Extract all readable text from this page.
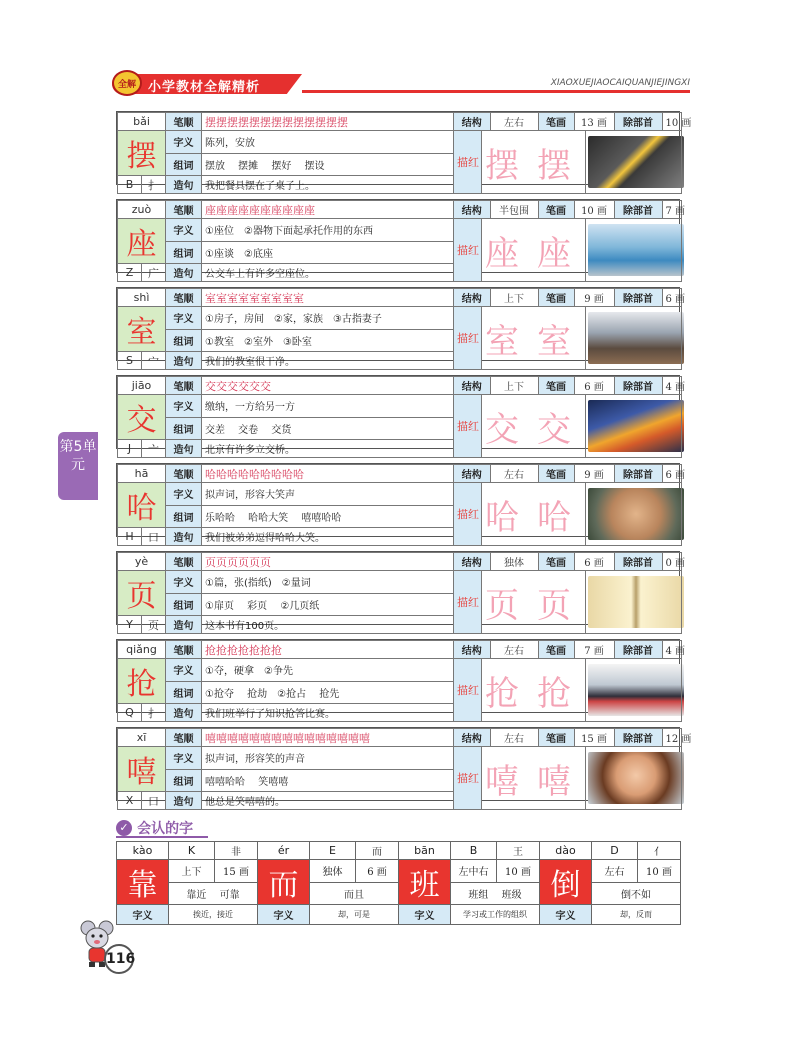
全解 小学教材全解精析	XIAOXUEJIAOCAIQUANJIEJINGXI
第5单元
bǎi	笔顺	摆摆摆摆摆摆摆摆摆摆摆摆摆		结构	左右	笔画	13 画	除部首	10 画

摆	字义	陈列，安放	描红	摆摆	

组词	摆放　 摆摊　 摆好　 摆设
B	扌	造句	我把餐具摆在了桌子上。
zuò	笔顺	座座座座座座座座座座		结构	半包围	笔画	10 画	除部首	7 画

座	字义	①座位　②器物下面起承托作用的东西	描红	座座	

组词	①座谈　②底座
Z	广	造句	公交车上有许多空座位。
shì	笔顺	室室室室室室室室室		结构	上下	笔画	9 画	除部首	6 画

室	字义	①房子，房间　②家，家族　③古指妻子	描红	室室	

组词	①教室　②室外　③卧室
S	宀	造句	我们的教室很干净。
jiāo	笔顺	交交交交交交		结构	上下	笔画	6 画	除部首	4 画

交	字义	缴纳，一方给另一方	描红	交交	

组词	交差　 交卷　 交货
J	亠	造句	北京有许多立交桥。
hā	笔顺	哈哈哈哈哈哈哈哈哈		结构	左右	笔画	9 画	除部首	6 画

哈	字义	拟声词，形容大笑声	描红	哈哈	

组词	乐哈哈　 哈哈大笑　 嘻嘻哈哈
H	口	造句	我们被弟弟逗得哈哈大笑。
yè	笔顺	页页页页页页		结构	独体	笔画	6 画	除部首	0 画

页	字义	①篇，张(指纸)　②量词	描红	页页	

组词	①扉页　 彩页　 ②几页纸
Y	页	造句	这本书有100页。
qiǎng	笔顺	抢抢抢抢抢抢抢		结构	左右	笔画	7 画	除部首	4 画

抢	字义	①夺，硬拿　②争先	描红	抢抢	

组词	①抢夺　 抢劫　②抢占　 抢先
Q	扌	造句	我们班举行了知识抢答比赛。
xī	笔顺	嘻嘻嘻嘻嘻嘻嘻嘻嘻嘻嘻嘻嘻嘻嘻		结构	左右	笔画	15 画	除部首	12 画

嘻	字义	拟声词，形容笑的声音	描红	嘻嘻	

组词	嘻嘻哈哈　 笑嘻嘻
X	口	造句	他总是笑嘻嘻的。
✓ 会认的字
kào	K	非	ér	E	而	bān	B	王	dào	D	亻
靠	上下	15 画	而	独体	6 画	班	左中右	10 画	倒	左右	10 画
	靠近　 可靠			而且			班组　 班级			倒不如	
字义	挨近，接近		字义	却，可是		字义	学习或工作的组织		字义	却，反而	
116
